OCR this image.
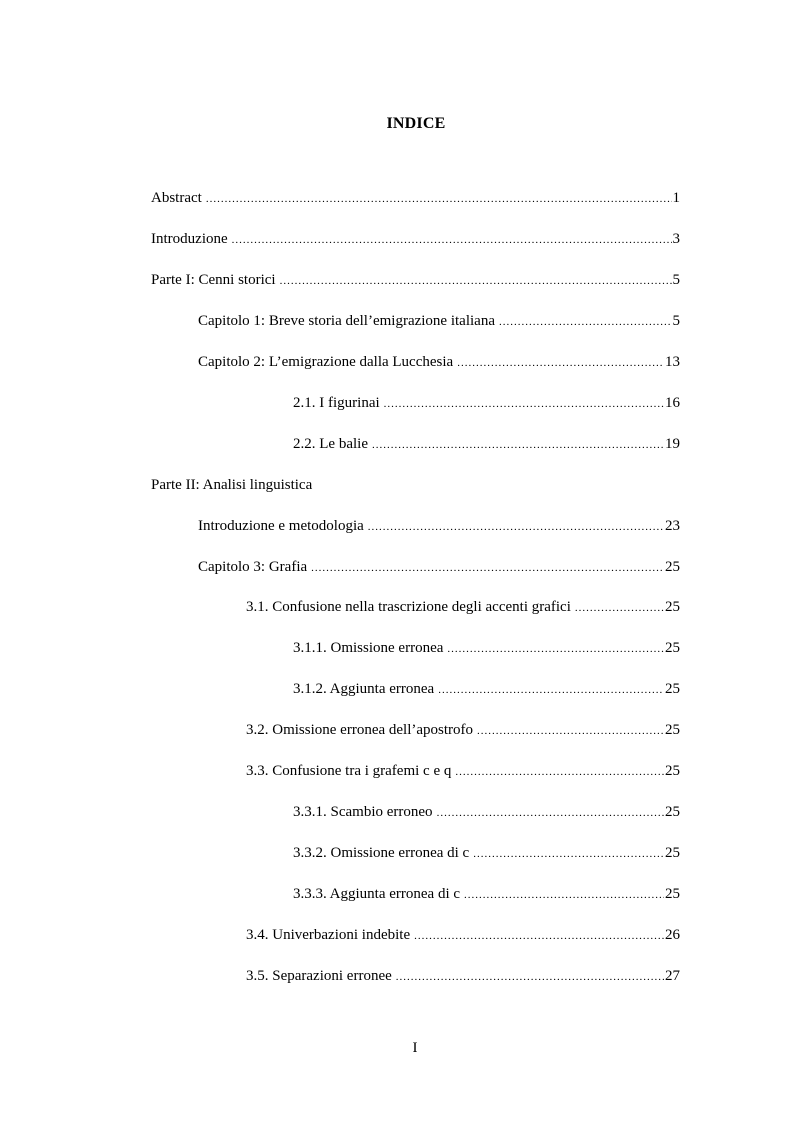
INDICE
Abstract .....	1
Introduzione .....	3
Parte I: Cenni storici .....	5
Capitolo 1: Breve storia dell’emigrazione italiana .....	5
Capitolo 2: L’emigrazione dalla Lucchesia .....	13
2.1. I figurinai .....	16
2.2. Le balie .....	19
Parte II: Analisi linguistica
Introduzione e metodologia .....	23
Capitolo 3: Grafia .....	25
3.1. Confusione nella trascrizione degli accenti grafici .....	25
3.1.1. Omissione erronea .....	25
3.1.2. Aggiunta erronea .....	25
3.2. Omissione erronea dell’apostrofo .....	25
3.3. Confusione tra i grafemi c e q .....	25
3.3.1. Scambio erroneo .....	25
3.3.2. Omissione erronea di c .....	25
3.3.3. Aggiunta erronea di c .....	25
3.4. Univerbazioni indebite .....	26
3.5. Separazioni erronee .....	27
I
